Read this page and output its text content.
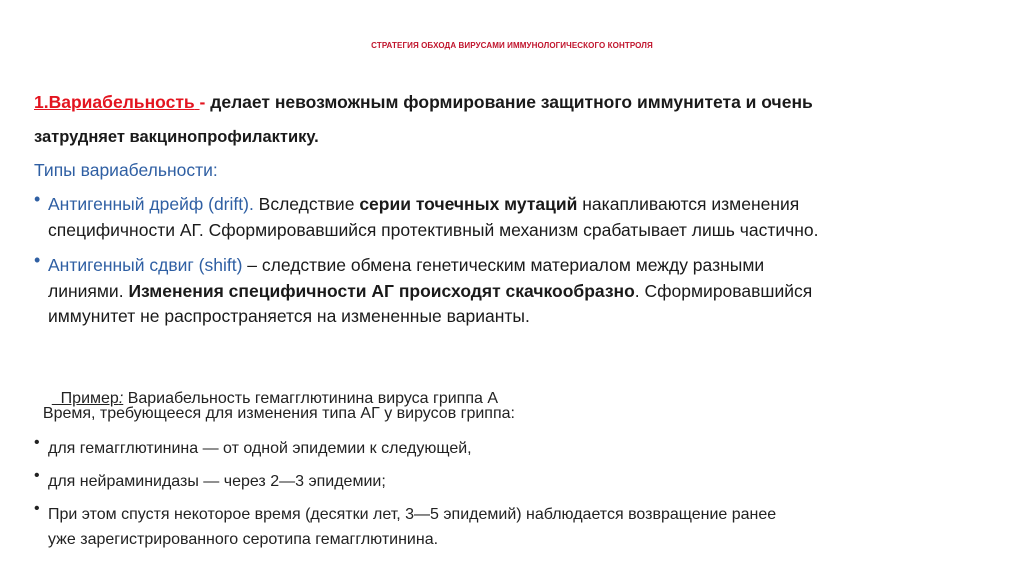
СТРАТЕГИЯ ОБХОДА ВИРУСАМИ ИММУНОЛОГИЧЕСКОГО КОНТРОЛЯ
1.Вариабельность - делает невозможным формирование защитного иммунитета и очень
затрудняет вакцинопрофилактику.
Типы вариабельности:
• Антигенный дрейф (drift). Вследствие серии точечных мутаций накапливаются изменения
специфичности АГ. Сформировавшийся протективный механизм срабатывает лишь частично.
• Антигенный сдвиг (shift) – следствие обмена генетическим материалом между разными
линиями. Изменения специфичности АГ происходят скачкообразно. Сформировавшийся
иммунитет не распространяется на измененные варианты.

Пример: Вариабельность гемагглютинина вируса гриппа А

Время, требующееся для изменения типа АГ у вирусов гриппа:
• для гемагглютинина — от одной эпидемии к следующей,
• для нейраминидазы — через 2—3 эпидемии;
• При этом спустя некоторое время (десятки лет, 3—5 эпидемий) наблюдается возвращение ранее
уже зарегистрированного серотипа гемагглютинина.
